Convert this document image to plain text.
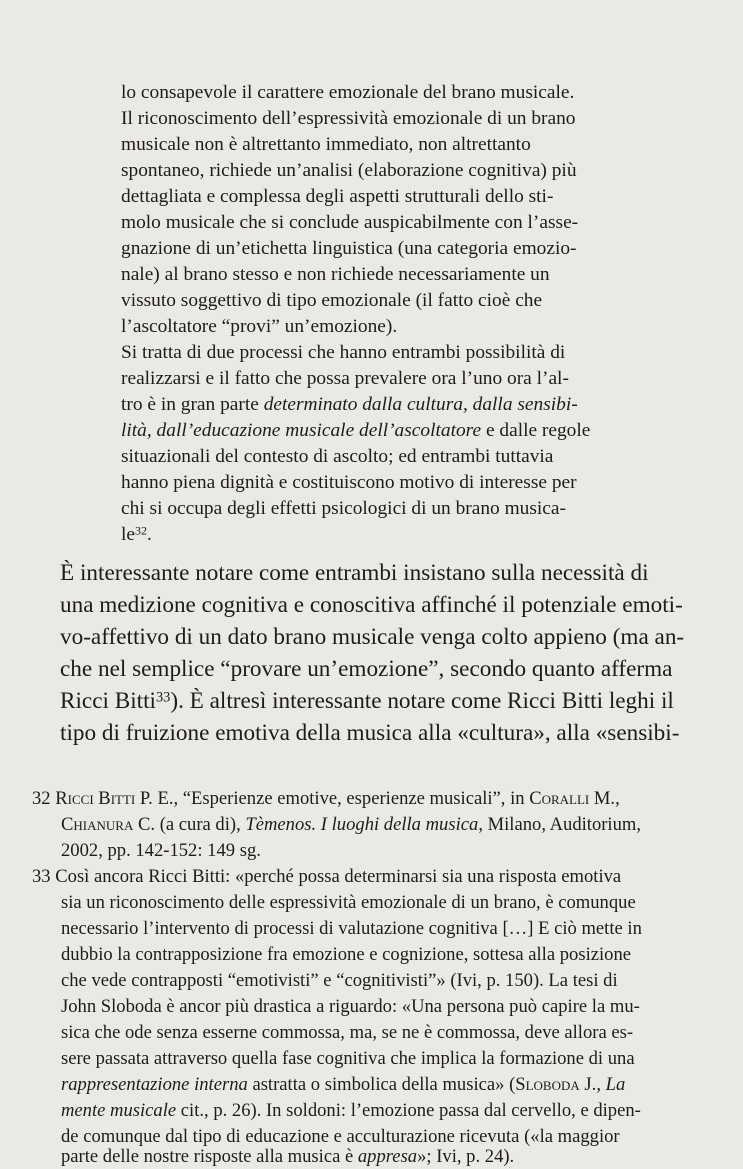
lo consapevole il carattere emozionale del brano musicale.
Il riconoscimento dell’espressività emozionale di un brano
musicale non è altrettanto immediato, non altrettanto
spontaneo, richiede un’analisi (elaborazione cognitiva) più
dettagliata e complessa degli aspetti strutturali dello sti-
molo musicale che si conclude auspicabilmente con l’asse-
gnazione di un’etichetta linguistica (una categoria emozio-
nale) al brano stesso e non richiede necessariamente un
vissuto soggettivo di tipo emozionale (il fatto cioè che
l’ascoltatore “provi” un’emozione).
Si tratta di due processi che hanno entrambi possibilità di
realizzarsi e il fatto che possa prevalere ora l’uno ora l’al-
tro è in gran parte determinato dalla cultura, dalla sensibi-
lità, dall’educazione musicale dell’ascoltatore e dalle regole
situazionali del contesto di ascolto; ed entrambi tuttavia
hanno piena dignità e costituiscono motivo di interesse per
chi si occupa degli effetti psicologici di un brano musica-
$le^{32}$.
È interessante notare come entrambi insistano sulla necessità di
una medizione cognitiva e conoscitiva affinché il potenziale emoti-
vo-affettivo di un dato brano musicale venga colto appieno (ma an-
che nel semplice “provare un’emozione”, secondo quanto afferma
Ricci Bitti$^{33}$). È altresì interessante notare come Ricci Bitti leghi il
tipo di fruizione emotiva della musica alla «cultura», alla «sensibi-
32 Ricci Bitti P. E., “Esperienze emotive, esperienze musicali”, in Coralli M.,
Chianura C. (a cura di), Tèmenos. I luoghi della musica, Milano, Auditorium,
2002, pp. 142-152: 149 sg.
33 Così ancora Ricci Bitti: «perché possa determinarsi sia una risposta emotiva
sia un riconoscimento delle espressività emozionale di un brano, è comunque
necessario l’intervento di processi di valutazione cognitiva […] E ciò mette in
dubbio la contrapposizione fra emozione e cognizione, sottesa alla posizione
che vede contrapposti “emotivisti” e “cognitivisti”» (Ivi, p. 150). La tesi di
John Sloboda è ancor più drastica a riguardo: «Una persona può capire la mu-
sica che ode senza esserne commossa, ma, se ne è commossa, deve allora es-
sere passata attraverso quella fase cognitiva che implica la formazione di una
rappresentazione interna astratta o simbolica della musica» (Sloboda J., La
mente musicale cit., p. 26). In soldoni: l’emozione passa dal cervello, e dipen-
de comunque dal tipo di educazione e acculturazione ricevuta («la maggior
parte delle nostre risposte alla musica è appresa»; Ivi, p. 24).
